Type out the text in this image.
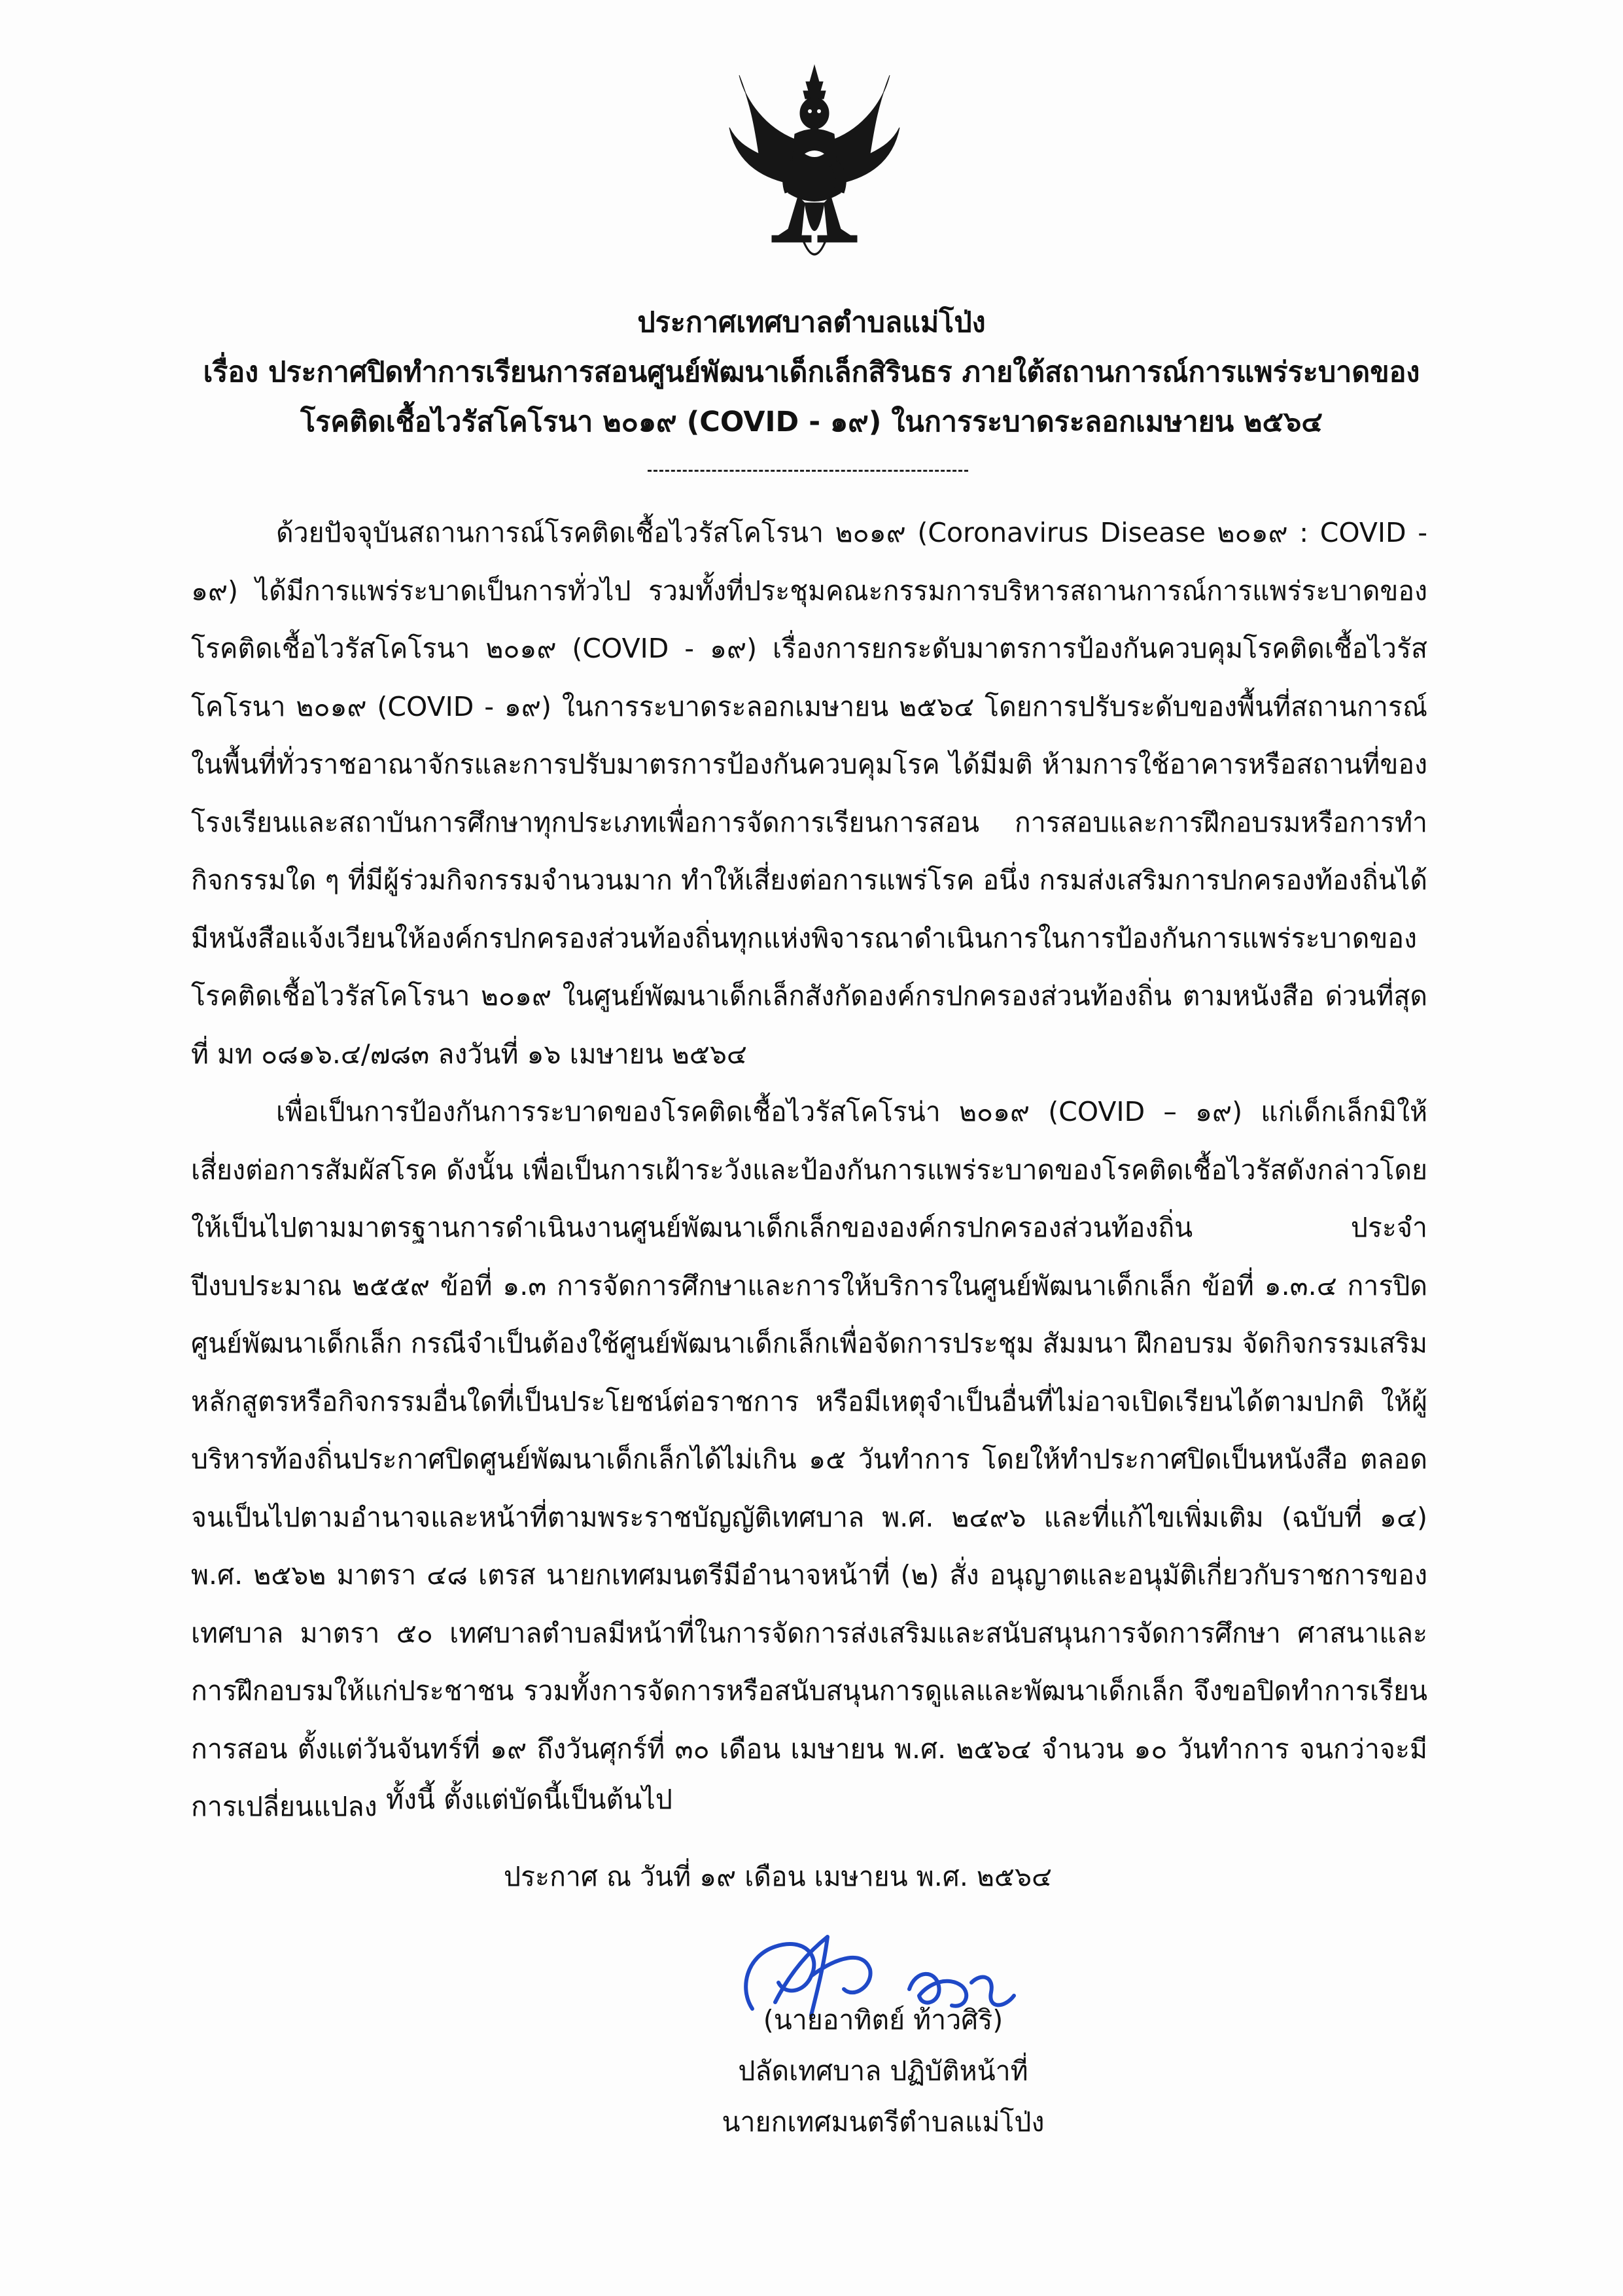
ประกาศเทศบาลตำบลแม่โป่ง
เรื่อง ประกาศปิดทำการเรียนการสอนศูนย์พัฒนาเด็กเล็กสิรินธร ภายใต้สถานการณ์การแพร่ระบาดของ
โรคติดเชื้อไวรัสโคโรนา ๒๐๑๙ (COVID - ๑๙) ในการระบาดระลอกเมษายน ๒๕๖๔

ด้วยปัจจุบันสถานการณ์โรคติดเชื้อไวรัสโคโรนา ๒๐๑๙ (Coronavirus Disease ๒๐๑๙ : COVID - ๑๙) ได้มีการแพร่ระบาดเป็นการทั่วไป รวมทั้งที่ประชุมคณะกรรมการบริหารสถานการณ์การแพร่ระบาดของโรคติดเชื้อไวรัสโคโรนา ๒๐๑๙ (COVID - ๑๙) เรื่องการยกระดับมาตรการป้องกันควบคุมโรคติดเชื้อไวรัสโคโรนา ๒๐๑๙ (COVID - ๑๙) ในการระบาดระลอกเมษายน ๒๕๖๔ โดยการปรับระดับของพื้นที่สถานการณ์ในพื้นที่ทั่วราชอาณาจักรและการปรับมาตรการป้องกันควบคุมโรค ได้มีมติ ห้ามการใช้อาคารหรือสถานที่ของโรงเรียนและสถาบันการศึกษาทุกประเภทเพื่อการจัดการเรียนการสอน การสอบและการฝึกอบรมหรือการทำกิจกรรมใด ๆ ที่มีผู้ร่วมกิจกรรมจำนวนมาก ทำให้เสี่ยงต่อการแพร่โรค อนึ่ง กรมส่งเสริมการปกครองท้องถิ่นได้มีหนังสือแจ้งเวียนให้องค์กรปกครองส่วนท้องถิ่นทุกแห่งพิจารณาดำเนินการในการป้องกันการแพร่ระบาดของโรคติดเชื้อไวรัสโคโรนา ๒๐๑๙ ในศูนย์พัฒนาเด็กเล็กสังกัดองค์กรปกครองส่วนท้องถิ่น ตามหนังสือ ด่วนที่สุด ที่ มท ๐๘๑๖.๔/๗๘๓ ลงวันที่ ๑๖ เมษายน ๒๕๖๔

เพื่อเป็นการป้องกันการระบาดของโรคติดเชื้อไวรัสโคโรน่า ๒๐๑๙ (COVID – ๑๙) แก่เด็กเล็กมิให้เสี่ยงต่อการสัมผัสโรค ดังนั้น เพื่อเป็นการเฝ้าระวังและป้องกันการแพร่ระบาดของโรคติดเชื้อไวรัสดังกล่าวโดยให้เป็นไปตามมาตรฐานการดำเนินงานศูนย์พัฒนาเด็กเล็กขององค์กรปกครองส่วนท้องถิ่น ประจำปีงบประมาณ ๒๕๕๙ ข้อที่ ๑.๓ การจัดการศึกษาและการให้บริการในศูนย์พัฒนาเด็กเล็ก ข้อที่ ๑.๓.๔ การปิดศูนย์พัฒนาเด็กเล็ก กรณีจำเป็นต้องใช้ศูนย์พัฒนาเด็กเล็กเพื่อจัดการประชุม สัมมนา ฝึกอบรม จัดกิจกรรมเสริมหลักสูตรหรือกิจกรรมอื่นใดที่เป็นประโยชน์ต่อราชการ หรือมีเหตุจำเป็นอื่นที่ไม่อาจเปิดเรียนได้ตามปกติ ให้ผู้บริหารท้องถิ่นประกาศปิดศูนย์พัฒนาเด็กเล็กได้ไม่เกิน ๑๕ วันทำการ โดยให้ทำประกาศปิดเป็นหนังสือ ตลอดจนเป็นไปตามอำนาจและหน้าที่ตามพระราชบัญญัติเทศบาล พ.ศ. ๒๔๙๖ และที่แก้ไขเพิ่มเติม (ฉบับที่ ๑๔) พ.ศ. ๒๕๖๒ มาตรา ๔๘ เตรส นายกเทศมนตรีมีอำนาจหน้าที่ (๒) สั่ง อนุญาตและอนุมัติเกี่ยวกับราชการของเทศบาล มาตรา ๕๐ เทศบาลตำบลมีหน้าที่ในการจัดการส่งเสริมและสนับสนุนการจัดการศึกษา ศาสนาและการฝึกอบรมให้แก่ประชาชน รวมทั้งการจัดการหรือสนับสนุนการดูแลและพัฒนาเด็กเล็ก จึงขอปิดทำการเรียนการสอน ตั้งแต่วันจันทร์ที่ ๑๙ ถึงวันศุกร์ที่ ๓๐ เดือน เมษายน พ.ศ. ๒๕๖๔ จำนวน ๑๐ วันทำการ จนกว่าจะมีการเปลี่ยนแปลง ทั้งนี้ ตั้งแต่บัดนี้เป็นต้นไป
ประกาศ ณ วันที่ ๑๙ เดือน เมษายน พ.ศ. ๒๕๖๔
(นายอาทิตย์ ท้าวศิริ)
ปลัดเทศบาล ปฏิบัติหน้าที่
นายกเทศมนตรีตำบลแม่โป่ง
